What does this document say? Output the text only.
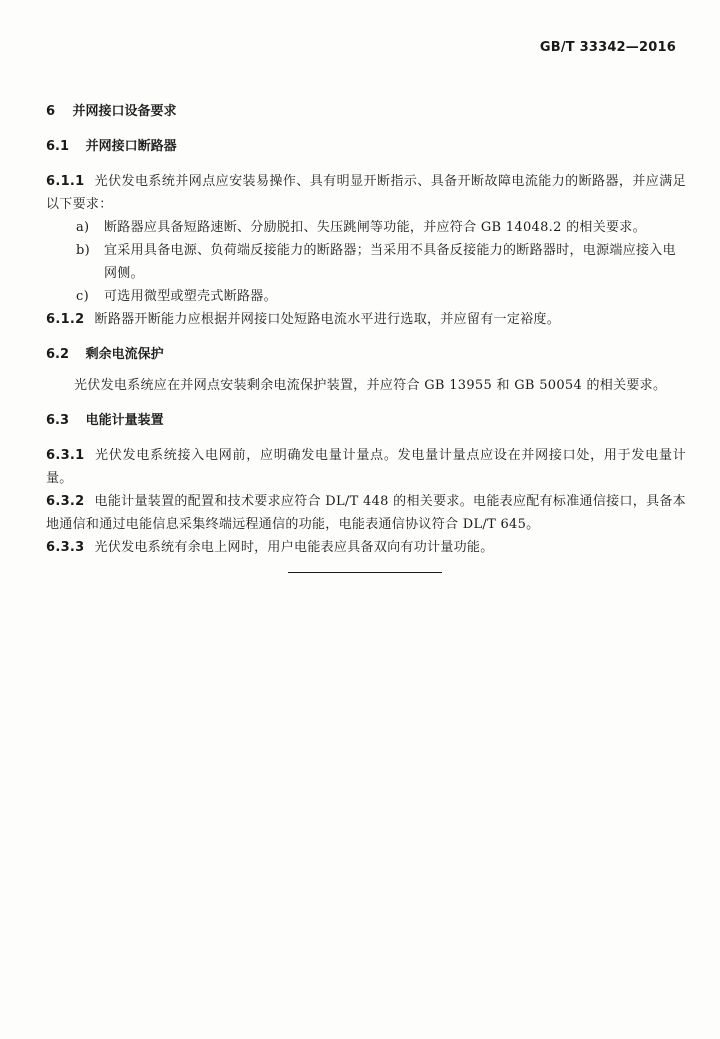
GB/T 33342—2016
6 并网接口设备要求
6.1 并网接口断路器

6.1.1 光伏发电系统并网点应安装易操作、具有明显开断指示、具备开断故障电流能力的断路器，并应满足以下要求：

a)	断路器应具备短路速断、分励脱扣、失压跳闸等功能，并应符合 GB 14048.2 的相关要求。
b)	宜采用具备电源、负荷端反接能力的断路器；当采用不具备反接能力的断路器时，电源端应接入电网侧。
c)	可选用微型或塑壳式断路器。

6.1.2 断路器开断能力应根据并网接口处短路电流水平进行选取，并应留有一定裕度。

6.2 剩余电流保护

光伏发电系统应在并网点安装剩余电流保护装置，并应符合 GB 13955 和 GB 50054 的相关要求。

6.3 电能计量装置

6.3.1 光伏发电系统接入电网前，应明确发电量计量点。发电量计量点应设在并网接口处，用于发电量计量。

6.3.2 电能计量装置的配置和技术要求应符合 DL/T 448 的相关要求。电能表应配有标准通信接口，具备本地通信和通过电能信息采集终端远程通信的功能，电能表通信协议符合 DL/T 645。

6.3.3 光伏发电系统有余电上网时，用户电能表应具备双向有功计量功能。
